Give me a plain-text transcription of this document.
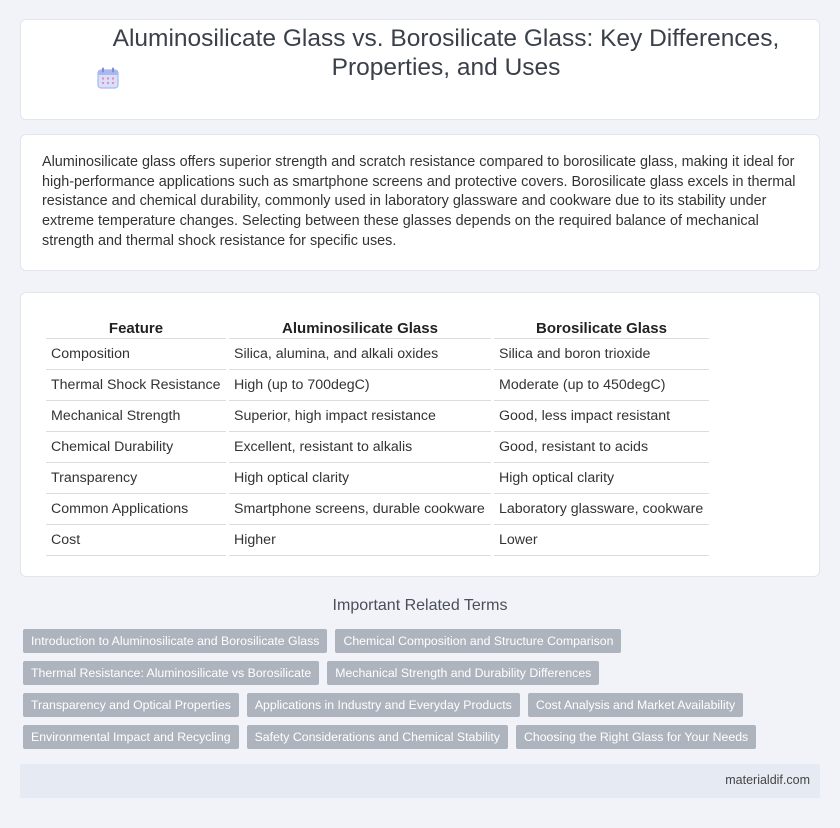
Aluminosilicate Glass vs. Borosilicate Glass: Key Differences, Properties, and Uses

Aluminosilicate glass offers superior strength and scratch resistance compared to borosilicate glass, making it ideal for high-performance applications such as smartphone screens and protective covers. Borosilicate glass excels in thermal resistance and chemical durability, commonly used in laboratory glassware and cookware due to its stability under extreme temperature changes. Selecting between these glasses depends on the required balance of mechanical strength and thermal shock resistance for specific uses.

Feature	Aluminosilicate Glass	Borosilicate Glass
Composition	Silica, alumina, and alkali oxides	Silica and boron trioxide
Thermal Shock Resistance	High (up to 700degC)	Moderate (up to 450degC)
Mechanical Strength	Superior, high impact resistance	Good, less impact resistant
Chemical Durability	Excellent, resistant to alkalis	Good, resistant to acids
Transparency	High optical clarity	High optical clarity
Common Applications	Smartphone screens, durable cookware	Laboratory glassware, cookware
Cost	Higher	Lower
Important Related Terms
Introduction to Aluminosilicate and Borosilicate Glass	Chemical Composition and Structure Comparison
Thermal Resistance: Aluminosilicate vs Borosilicate	Mechanical Strength and Durability Differences
Transparency and Optical Properties	Applications in Industry and Everyday Products	Cost Analysis and Market Availability
Environmental Impact and Recycling	Safety Considerations and Chemical Stability	Choosing the Right Glass for Your Needs
materialdif.com
